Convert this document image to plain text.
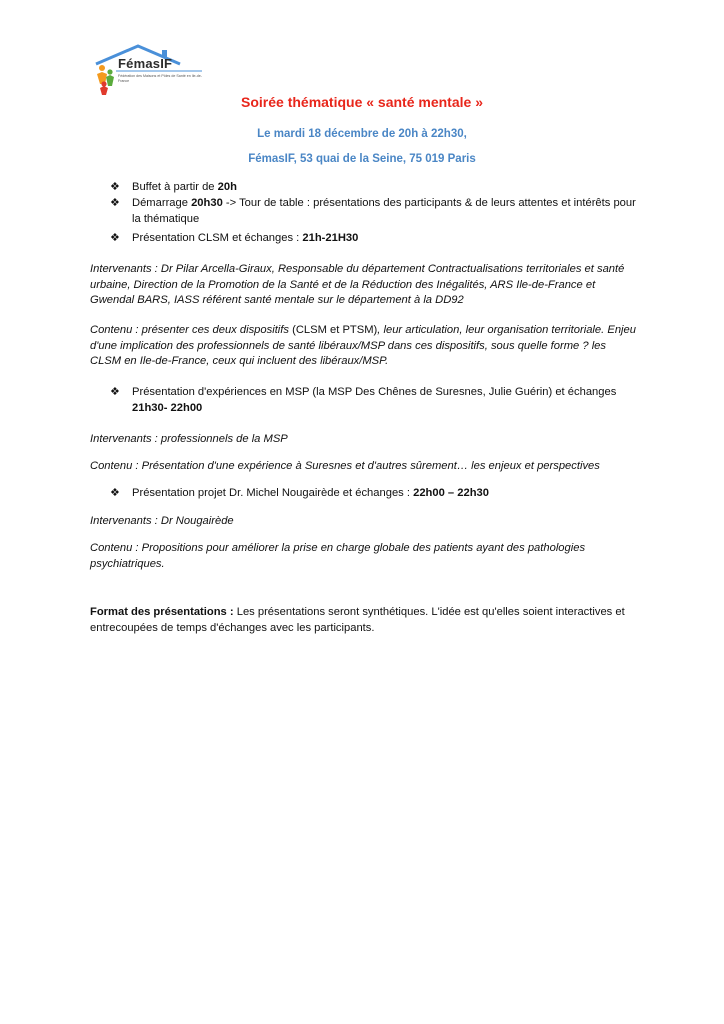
FémasIF
Fédération des Maisons et Pôles de Santé en Ile-de-France
Soirée thématique « santé mentale »
Le mardi 18 décembre de 20h à 22h30,
FémasIF, 53 quai de la Seine, 75 019 Paris
❖ Buffet à partir de 20h
❖ Démarrage 20h30 -> Tour de table : présentations des participants & de leurs attentes et intérêts pour la thématique
❖ Présentation CLSM et échanges : 21h-21H30
Intervenants : Dr Pilar Arcella-Giraux, Responsable du département Contractualisations territoriales et santé urbaine, Direction de la Promotion de la Santé et de la Réduction des Inégalités, ARS Ile-de-France et Gwendal BARS, IASS référent santé mentale sur le département à la DD92
Contenu : présenter ces deux dispositifs (CLSM et PTSM), leur articulation, leur organisation territoriale. Enjeu d'une implication des professionnels de santé libéraux/MSP dans ces dispositifs, sous quelle forme ? les CLSM en Ile-de-France, ceux qui incluent des libéraux/MSP.
❖ Présentation d'expériences en MSP (la MSP Des Chênes de Suresnes, Julie Guérin) et échanges 21h30- 22h00
Intervenants : professionnels de la MSP
Contenu : Présentation d'une expérience à Suresnes et d'autres sûrement… les enjeux et perspectives
❖ Présentation projet Dr. Michel Nougairède et échanges : 22h00 – 22h30
Intervenants : Dr Nougairède
Contenu : Propositions pour améliorer la prise en charge globale des patients ayant des pathologies psychiatriques.
Format des présentations : Les présentations seront synthétiques. L'idée est qu'elles soient interactives et entrecoupées de temps d'échanges avec les participants.
